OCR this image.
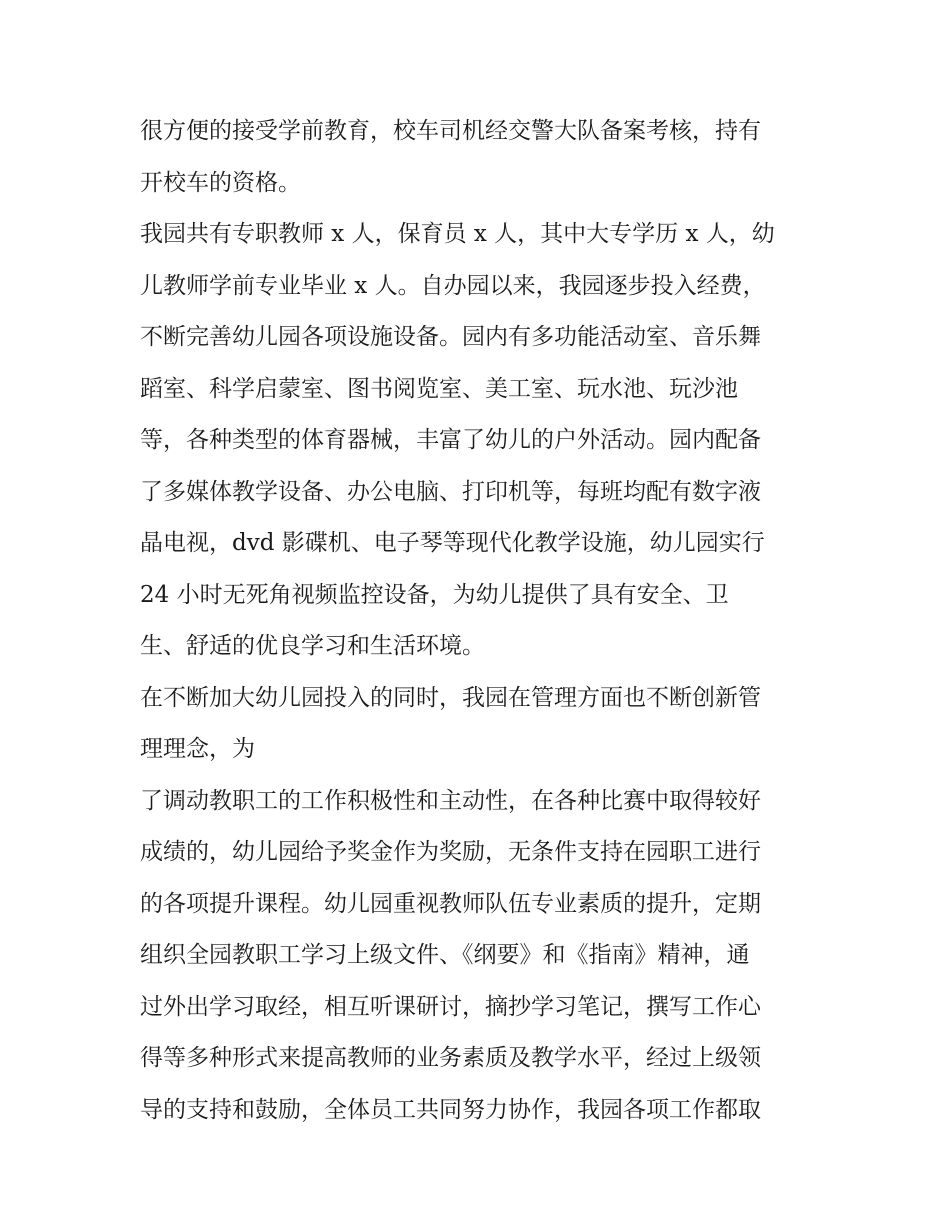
很方便的接受学前教育，校车司机经交警大队备案考核，持有
开校车的资格。
我园共有专职教师 x 人，保育员 x 人，其中大专学历 x 人，幼
儿教师学前专业毕业 x 人。自办园以来，我园逐步投入经费，
不断完善幼儿园各项设施设备。园内有多功能活动室、音乐舞
蹈室、科学启蒙室、图书阅览室、美工室、玩水池、玩沙池
等，各种类型的体育器械，丰富了幼儿的户外活动。园内配备
了多媒体教学设备、办公电脑、打印机等，每班均配有数字液
晶电视，dvd 影碟机、电子琴等现代化教学设施，幼儿园实行
24 小时无死角视频监控设备，为幼儿提供了具有安全、卫
生、舒适的优良学习和生活环境。
在不断加大幼儿园投入的同时，我园在管理方面也不断创新管
理理念，为
了调动教职工的工作积极性和主动性，在各种比赛中取得较好
成绩的，幼儿园给予奖金作为奖励，无条件支持在园职工进行
的各项提升课程。幼儿园重视教师队伍专业素质的提升，定期
组织全园教职工学习上级文件、《纲要》和《指南》精神，通
过外出学习取经，相互听课研讨，摘抄学习笔记，撰写工作心
得等多种形式来提高教师的业务素质及教学水平，经过上级领
导的支持和鼓励，全体员工共同努力协作，我园各项工作都取
